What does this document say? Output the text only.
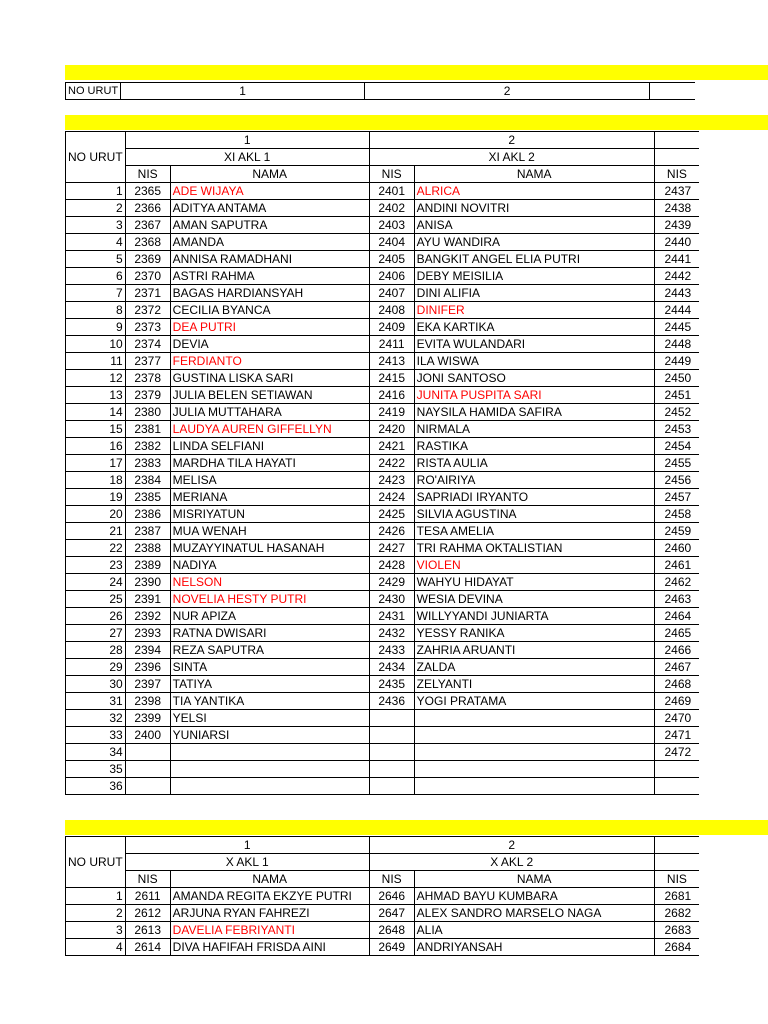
NO URUT	1	2	
NO URUT	1		2		
	XI AKL 1		XI AKL 2		
	NIS	NAMA	NIS	NAMA	NIS
1	2365	ADE WIJAYA	2401	ALRICA	2437
2	2366	ADITYA ANTAMA	2402	ANDINI NOVITRI	2438
3	2367	AMAN SAPUTRA	2403	ANISA	2439
4	2368	AMANDA	2404	AYU WANDIRA	2440
5	2369	ANNISA RAMADHANI	2405	BANGKIT ANGEL ELIA PUTRI	2441
6	2370	ASTRI RAHMA	2406	DEBY MEISILIA	2442
7	2371	BAGAS HARDIANSYAH	2407	DINI ALIFIA	2443
8	2372	CECILIA BYANCA	2408	DINIFER	2444
9	2373	DEA PUTRI	2409	EKA KARTIKA	2445
10	2374	DEVIA	2411	EVITA WULANDARI	2448
11	2377	FERDIANTO	2413	ILA WISWA	2449
12	2378	GUSTINA LISKA SARI	2415	JONI SANTOSO	2450
13	2379	JULIA BELEN SETIAWAN	2416	JUNITA PUSPITA SARI	2451
14	2380	JULIA MUTTAHARA	2419	NAYSILA HAMIDA SAFIRA	2452
15	2381	LAUDYA AUREN GIFFELLYN	2420	NIRMALA	2453
16	2382	LINDA SELFIANI	2421	RASTIKA	2454
17	2383	MARDHA TILA HAYATI	2422	RISTA AULIA	2455
18	2384	MELISA	2423	RO'AIRIYA	2456
19	2385	MERIANA	2424	SAPRIADI IRYANTO	2457
20	2386	MISRIYATUN	2425	SILVIA AGUSTINA	2458
21	2387	MUA WENAH	2426	TESA AMELIA	2459
22	2388	MUZAYYINATUL HASANAH	2427	TRI RAHMA OKTALISTIAN	2460
23	2389	NADIYA	2428	VIOLEN	2461
24	2390	NELSON	2429	WAHYU HIDAYAT	2462
25	2391	NOVELIA HESTY PUTRI	2430	WESIA DEVINA	2463
26	2392	NUR APIZA	2431	WILLYYANDI JUNIARTA	2464
27	2393	RATNA DWISARI	2432	YESSY RANIKA	2465
28	2394	REZA SAPUTRA	2433	ZAHRIA ARUANTI	2466
29	2396	SINTA	2434	ZALDA	2467
30	2397	TATIYA	2435	ZELYANTI	2468
31	2398	TIA YANTIKA	2436	YOGI PRATAMA	2469
32	2399	YELSI			2470
33	2400	YUNIARSI			2471
34					2472
35					
36					
NO URUT	1		2		
	X AKL 1		X AKL 2		
	NIS	NAMA	NIS	NAMA	NIS
1	2611	AMANDA REGITA EKZYE PUTRI	2646	AHMAD BAYU KUMBARA	2681
2	2612	ARJUNA RYAN FAHREZI	2647	ALEX SANDRO MARSELO NAGA	2682
3	2613	DAVELIA FEBRIYANTI	2648	ALIA	2683
4	2614	DIVA HAFIFAH FRISDA AINI	2649	ANDRIYANSAH	2684
